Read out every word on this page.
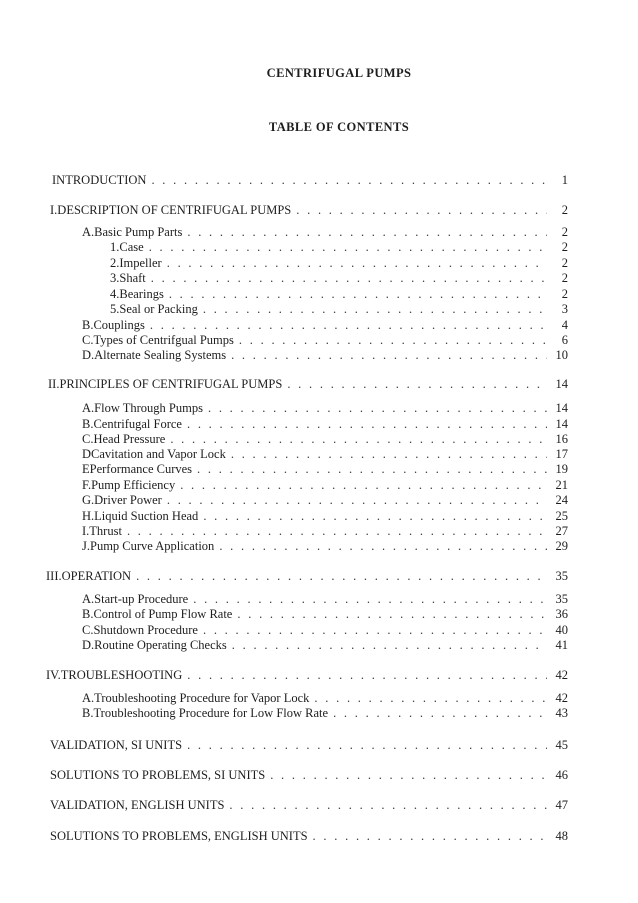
CENTRIFUGAL PUMPS
TABLE OF CONTENTS
INTRODUCTION . . .	1
I. DESCRIPTION OF CENTRIFUGAL PUMPS . . .	2
A. Basic Pump Parts . . .	2
1. Case . . .	2
2. Impeller . . .	2
3. Shaft . . .	2
4. Bearings . . .	2
5. Seal or Packing . . .	3
B. Couplings . . .	4
C. Types of Centrifgual Pumps . . .	6
D. Alternate Sealing Systems . . .	10
II. PRINCIPLES OF CENTRIFUGAL PUMPS . . .	14
A. Flow Through Pumps . . .	14
B. Centrifugal Force . . .	14
C. Head Pressure . . .	16
D Cavitation and Vapor Lock . . .	17
E Performance Curves . . .	19
F. Pump Efficiency . . .	21
G. Driver Power . . .	24
H. Liquid Suction Head . . .	25
I. Thrust . . .	27
J. Pump Curve Application . . .	29
III. OPERATION . . .	35
A. Start-up Procedure . . .	35
B. Control of Pump Flow Rate . . .	36
C. Shutdown Procedure . . .	40
D. Routine Operating Checks . . .	41
IV. TROUBLESHOOTING . . .	42
A. Troubleshooting Procedure for Vapor Lock . . .	42
B. Troubleshooting Procedure for Low Flow Rate . . .	43
VALIDATION, SI UNITS . . .	45
SOLUTIONS TO PROBLEMS, SI UNITS . . .	46
VALIDATION, ENGLISH UNITS . . .	47
SOLUTIONS TO PROBLEMS, ENGLISH UNITS . . .	48
